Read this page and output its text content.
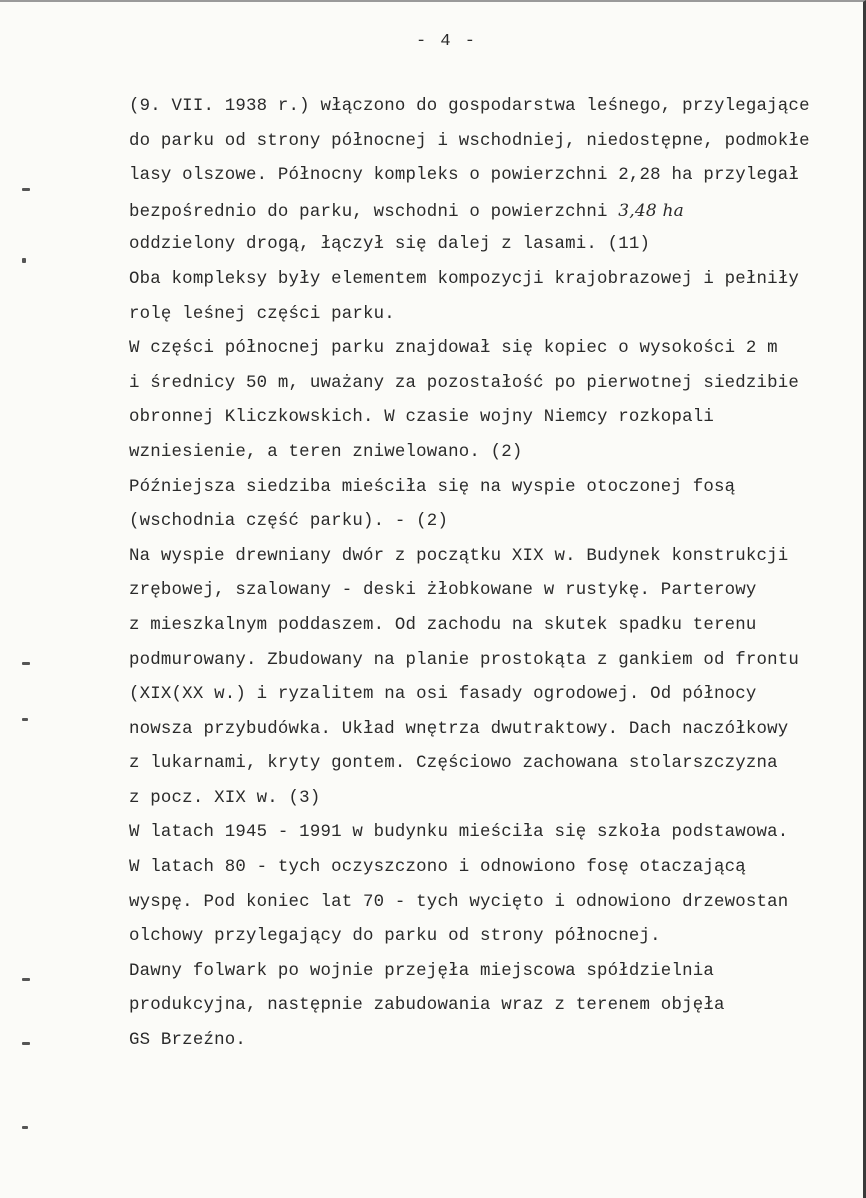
- 4 -
(9. VII. 1938 r.) włączono do gospodarstwa leśnego, przylegające
do parku od strony północnej i wschodniej, niedostępne, podmokłe
lasy olszowe. Północny kompleks o powierzchni 2,28 ha przylegał
bezpośrednio do parku, wschodni o powierzchni 3,48 ha
oddzielony drogą, łączył się dalej z lasami. (11)
Oba kompleksy były elementem kompozycji krajobrazowej i pełniły
rolę leśnej części parku.
W części północnej parku znajdował się kopiec o wysokości 2 m
i średnicy 50 m, uważany za pozostałość po pierwotnej siedzibie
obronnej Kliczkowskich. W czasie wojny Niemcy rozkopali
wzniesienie, a teren zniwelowano. (2)
Późniejsza siedziba mieściła się na wyspie otoczonej fosą
(wschodnia część parku). - (2)
Na wyspie drewniany dwór z początku XIX w. Budynek konstrukcji
zrębowej, szalowany - deski żłobkowane w rustykę. Parterowy
z mieszkalnym poddaszem. Od zachodu na skutek spadku terenu
podmurowany. Zbudowany na planie prostokąta z gankiem od frontu
(XIX(XX w.) i ryzalitem na osi fasady ogrodowej. Od północy
nowsza przybudówka. Układ wnętrza dwutraktowy. Dach naczółkowy
z lukarnami, kryty gontem. Częściowo zachowana stolarszczyzna
z pocz. XIX w. (3)
W latach 1945 - 1991 w budynku mieściła się szkoła podstawowa.
W latach 80 - tych oczyszczono i odnowiono fosę otaczającą
wyspę. Pod koniec lat 70 - tych wycięto i odnowiono drzewostan
olchowy przylegający do parku od strony północnej.
Dawny folwark po wojnie przejęła miejscowa spółdzielnia
produkcyjna, następnie zabudowania wraz z terenem objęła
GS Brzeźno.
